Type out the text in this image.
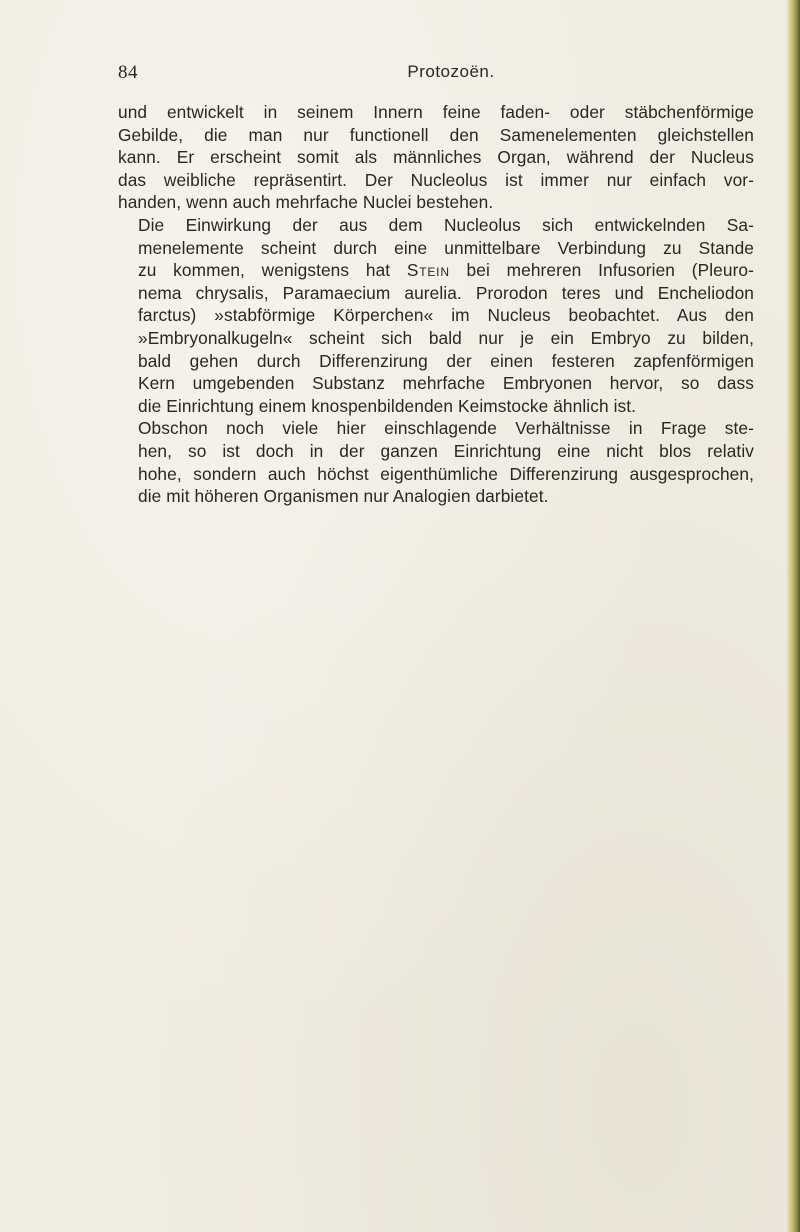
84	Protozoën.

und entwickelt in seinem Innern feine faden- oder stäbchenförmige
Gebilde, die man nur functionell den Samenelementen gleichstellen
kann. Er erscheint somit als männliches Organ, während der Nucleus
das weibliche repräsentirt. Der Nucleolus ist immer nur einfach vor-
handen, wenn auch mehrfache Nuclei bestehen.

Die Einwirkung der aus dem Nucleolus sich entwickelnden Sa-
menelemente scheint durch eine unmittelbare Verbindung zu Stande
zu kommen, wenigstens hat Stein bei mehreren Infusorien (Pleuro-
nema chrysalis, Paramaecium aurelia. Prorodon teres und Encheliodon
farctus) »stabförmige Körperchen« im Nucleus beobachtet. Aus den
»Embryonalkugeln« scheint sich bald nur je ein Embryo zu bilden,
bald gehen durch Differenzirung der einen festeren zapfenförmigen
Kern umgebenden Substanz mehrfache Embryonen hervor, so dass
die Einrichtung einem knospenbildenden Keimstocke ähnlich ist.

Obschon noch viele hier einschlagende Verhältnisse in Frage ste-
hen, so ist doch in der ganzen Einrichtung eine nicht blos relativ
hohe, sondern auch höchst eigenthümliche Differenzirung ausgesprochen,
die mit höheren Organismen nur Analogien darbietet.
